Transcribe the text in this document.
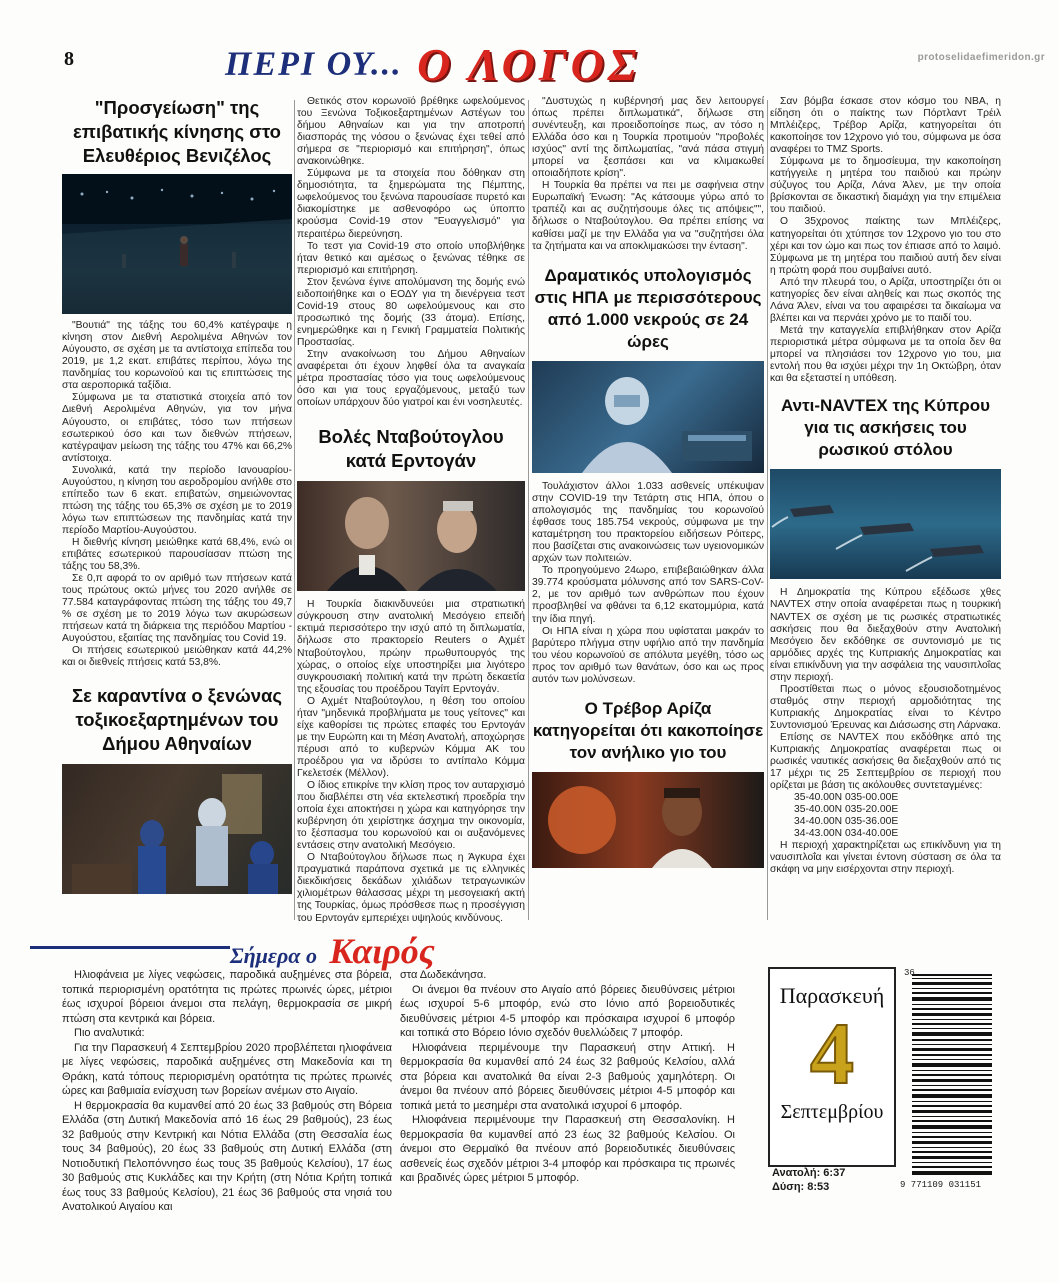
8	ΠΕΡΙ ΟΥ... Ο ΛΟΓΟΣ	protoselidaefimeridon.gr
"Προσγείωση" της επιβατικής κίνησης στο Ελευθέριος Βενιζέλος

"Βουτιά" της τάξης του 60,4% κατέγραψε η κίνηση στον Διεθνή Αερολιμένα Αθηνών τον Αύγουστο, σε σχέση με τα αντίστοιχα επίπεδα του 2019, με 1,2 εκατ. επιβάτες περίπου, λόγω της πανδημίας του κορωνοϊού και τις επιπτώσεις της στα αεροπορικά ταξίδια.

Σύμφωνα με τα στατιστικά στοιχεία από τον Διεθνή Αερολιμένα Αθηνών, για τον μήνα Αύγουστο, οι επιβάτες, τόσο των πτήσεων εσωτερικού όσο και των διεθνών πτήσεων, κατέγραψαν μείωση της τάξης του 47% και 66,2% αντίστοιχα.

Συνολικά, κατά την περίοδο Ιανουαρίου-Αυγούστου, η κίνηση του αεροδρομίου ανήλθε στο επίπεδο των 6 εκατ. επιβατών, σημειώνοντας πτώση της τάξης του 65,3% σε σχέση με το 2019 λόγω των επιπτώσεων της πανδημίας κατά την περίοδο Μαρτίου-Αυγούστου.

Η διεθνής κίνηση μειώθηκε κατά 68,4%, ενώ οι επιβάτες εσωτερικού παρουσίασαν πτώση της τάξης του 58,3%.

Σε 0,π αφορά το ov αριθμό των πτήσεων κατά τους πρώτους οκτώ μήνες του 2020 ανήλθε σε 77.584 καταγράφοντας πτώση της τάξης του 49,7 % σε σχέση με το 2019 λόγω των ακυρώσεων πτήσεων κατά τη διάρκεια της περιόδου Μαρτίου - Αυγούστου, εξαιτίας της πανδημίας του Covid 19.

Οι πτήσεις εσωτερικού μειώθηκαν κατά 44,2% και οι διεθνείς πτήσεις κατά 53,8%.

Σε καραντίνα ο ξενώνας τοξικοεξαρτημένων του Δήμου Αθηναίων

Θετικός στον κορωνοϊό βρέθηκε ωφελούμενος του Ξενώνα Τοξικοεξαρτημένων Αστέγων του δήμου Αθηναίων και για την αποτροπή διασποράς της νόσου ο ξενώνας έχει τεθεί από σήμερα σε "περιορισμό και επιτήρηση", όπως ανακοινώθηκε.

Σύμφωνα με τα στοιχεία που δόθηκαν στη δημοσιότητα, τα ξημερώματα της Πέμπτης, ωφελούμενος του ξενώνα παρουσίασε πυρετό και διακομίστηκε με ασθενοφόρο ως ύποπτο κρούσμα Covid-19 στον "Ευαγγελισμό" για περαιτέρω διερεύνηση.

Το τεστ για Covid-19 στο οποίο υποβλήθηκε ήταν θετικό και αμέσως ο ξενώνας τέθηκε σε περιορισμό και επιτήρηση.

Στον ξενώνα έγινε απολύμανση της δομής ενώ ειδοποιήθηκε και ο ΕΟΔΥ για τη διενέργεια τεστ Covid-19 στους 80 ωφελούμενους και στο προσωπικό της δομής (33 άτομα). Επίσης, ενημερώθηκε και η Γενική Γραμματεία Πολιτικής Προστασίας.

Στην ανακοίνωση του Δήμου Αθηναίων αναφέρεται ότι έχουν ληφθεί όλα τα αναγκαία μέτρα προστασίας τόσο για τους ωφελούμενους όσο και για τους εργαζόμενους, μεταξύ των οποίων υπάρχουν δύο γιατροί και ένι νοσηλευτές.

Βολές Νταβούτογλου κατά Ερντογάν

Η Τουρκία διακινδυνεύει μια στρατιωτική σύγκρουση στην ανατολική Μεσόγειο επειδή εκτιμά περισσότερο την ισχύ από τη διπλωματία, δήλωσε στο πρακτορείο Reuters ο Αχμέτ Νταβούτογλου, πρώην πρωθυπουργός της χώρας, ο οποίος είχε υποστηρίξει μια λιγότερο συγκρουσιακή πολιτική κατά την πρώτη δεκαετία της εξουσίας του προέδρου Ταγίπ Ερντογάν.

Ο Αχμέτ Νταβούτογλου, η θέση του οποίου ήταν "μηδενικά προβλήματα με τους γείτονες" και είχε καθορίσει τις πρώτες επαφές του Ερντογάν με την Ευρώπη και τη Μέση Ανατολή, αποχώρησε πέρυσι από το κυβερνών Κόμμα ΑΚ του προέδρου για να ιδρύσει το αντίπαλο Κόμμα Γκελετσέκ (Μέλλον).

Ο ίδιος επικρίνε την κλίση προς τον αυταρχισμό που διαβλέπει στη νέα εκτελεστική προεδρία την οποία έχει αποκτήσει η χώρα και κατηγόρησε την κυβέρνηση ότι χειρίστηκε άσχημα την οικονομία, το ξέσπασμα του κορωνοϊού και οι αυξανόμενες εντάσεις στην ανατολική Μεσόγειο.

Ο Νταβούτογλου δήλωσε πως η Άγκυρα έχει πραγματικά παράπονα σχετικά με τις ελληνικές διεκδικήσεις δεκάδων χιλιάδων τετραγωνικών χιλιομέτρων θάλασσας μέχρι τη μεσογειακή ακτή της Τουρκίας, όμως πρόσθεσε πως η προσέγγιση του Ερντογάν εμπεριέχει υψηλούς κινδύνους.

"Δυστυχώς η κυβέρνησή μας δεν λειτουργεί όπως πρέπει διπλωματικά", δήλωσε στη συνέντευξη, και προειδοποίησε πως, αν τόσο η Ελλάδα όσο και η Τουρκία προτιμούν "προβολές ισχύος" αντί της διπλωματίας, "ανά πάσα στιγμή μπορεί να ξεσπάσει και να κλιμακωθεί οποιαδήποτε κρίση".

Η Τουρκία θα πρέπει να πει με σαφήνεια στην Ευρωπαϊκή Ένωση: "Ας κάτσουμε γύρω από το τραπέζι και ας συζητήσουμε όλες τις απόψεις"", δήλωσε ο Νταβούτογλου. Θα πρέπει επίσης να καθίσει μαζί με την Ελλάδα για να "συζητήσει όλα τα ζητήματα και να αποκλιμακώσει την ένταση".

Δραματικός υπολογισμός στις ΗΠΑ με περισσότερους από 1.000 νεκρούς σε 24 ώρες

Τουλάχιστον άλλοι 1.033 ασθενείς υπέκυψαν στην COVID-19 την Τετάρτη στις ΗΠΑ, όπου ο απολογισμός της πανδημίας του κορωνοϊού έφθασε τους 185.754 νεκρούς, σύμφωνα με την καταμέτρηση του πρακτορείου ειδήσεων Ρόιτερς, που βασίζεται στις ανακοινώσεις των υγειονομικών αρχών των πολιτειών.

Το προηγούμενο 24ωρο, επιβεβαιώθηκαν άλλα 39.774 κρούσματα μόλυνσης από τον SARS-CoV-2, με τον αριθμό των ανθρώπων που έχουν προσβληθεί να φθάνει τα 6,12 εκατομμύρια, κατά την ίδια πηγή.

Οι ΗΠΑ είναι η χώρα που υφίσταται μακράν το βαρύτερο πλήγμα στην υφήλιο από την πανδημία του νέου κορωνοϊού σε απόλυτα μεγέθη, τόσο ως προς τον αριθμό των θανάτων, όσο και ως προς αυτόν των μολύνσεων.

Ο Τρέβορ Αρίζα κατηγορείται ότι κακοποίησε τον ανήλικο γιο του

Σαν βόμβα έσκασε στον κόσμο του NBA, η είδηση ότι ο παίκτης των Πόρτλαντ Τρέιλ Μπλέιζερς, Τρέβορ Αρίζα, κατηγορείται ότι κακοποίησε τον 12χρονο γιό του, σύμφωνα με όσα αναφέρει το TMZ Sports.

Σύμφωνα με το δημοσίευμα, την κακοποίηση κατήγγειλε η μητέρα του παιδιού και πρώην σύζυγος του Αρίζα, Λάνα Άλεν, με την οποία βρίσκονται σε δικαστική διαμάχη για την επιμέλεια του παιδιού.

Ο 35χρονος παίκτης των Μπλέιζερς, κατηγορείται ότι χτύπησε τον 12χρονο γιο του στο χέρι και τον ώμο και πως τον έπιασε από το λαιμό. Σύμφωνα με τη μητέρα του παιδιού αυτή δεν είναι η πρώτη φορά που συμβαίνει αυτό.

Από την πλευρά του, ο Αρίζα, υποστηρίζει ότι οι κατηγορίες δεν είναι αληθείς και πως σκοπός της Λάνα Άλεν, είναι να του αφαιρέσει τα δικαίωμα να βλέπει και να περνάει χρόνο με το παιδί του.

Μετά την καταγγελία επιβλήθηκαν στον Αρίζα περιοριστικά μέτρα σύμφωνα με τα οποία δεν θα μπορεί να πλησιάσει τον 12χρονο γιο του, μια εντολή που θα ισχύει μέχρι την 1η Οκτώβρη, όταν και θα εξεταστεί η υπόθεση.

Αντι-NAVTEX της Κύπρου για τις ασκήσεις του ρωσικού στόλου

Η Δημοκρατία της Κύπρου εξέδωσε χθες NAVTEX στην οποία αναφέρεται πως η τουρκική NAVTEX σε σχέση με τις ρωσικές στρατιωτικές ασκήσεις που θα διεξαχθούν στην Ανατολική Μεσόγειο δεν εκδόθηκε σε συντονισμό με τις αρμόδιες αρχές της Κυπριακής Δημοκρατίας και είναι επικίνδυνη για την ασφάλεια της ναυσιπλοΐας στην περιοχή.

Προστίθεται πως ο μόνος εξουσιοδοτημένος σταθμός στην περιοχή αρμοδιότητας της Κυπριακής Δημοκρατίας είναι το Κέντρο Συντονισμού Έρευνας και Διάσωσης στη Λάρνακα.

Επίσης σε NAVTEX που εκδόθηκε από της Κυπριακής Δημοκρατίας αναφέρεται πως οι ρωσικές ναυτικές ασκήσεις θα διεξαχθούν από τις 17 μέχρι τις 25 Σεπτεμβρίου σε περιοχή που ορίζεται με βάση τις ακόλουθες συντεταγμένες:

35-40.00N 035-00.00E
35-40.00N 035-20.00E
34-40.00N 035-36.00E
34-43.00N 034-40.00E

Η περιοχή χαρακτηρίζεται ως επικίνδυνη για τη ναυσιπλοΐα και γίνεται έντονη σύσταση σε όλα τα σκάφη να μην εισέρχονται στην περιοχή.

Σήμερα ο Καιρός

Ηλιοφάνεια με λίγες νεφώσεις, παροδικά αυξημένες στα βόρεια, τοπικά περιορισμένη ορατότητα τις πρώτες πρωινές ώρες, μέτριοι έως ισχυροί βόρειοι άνεμοι στα πελάγη, θερμοκρασία σε μικρή πτώση στα κεντρικά και βόρεια.

Πιο αναλυτικά:

Για την Παρασκευή 4 Σεπτεμβρίου 2020 προβλέπεται ηλιοφάνεια με λίγες νεφώσεις, παροδικά αυξημένες στη Μακεδονία και τη Θράκη, κατά τόπους περιορισμένη ορατότητα τις πρώτες πρωινές ώρες και βαθμιαία ενίσχυση των βορείων ανέμων στο Αιγαίο.

Η θερμοκρασία θα κυμανθεί από 20 έως 33 βαθμούς στη Βόρεια Ελλάδα (στη Δυτική Μακεδονία από 16 έως 29 βαθμούς), 23 έως 32 βαθμούς στην Κεντρική και Νότια Ελλάδα (στη Θεσσαλία έως τους 34 βαθμούς), 20 έως 33 βαθμούς στη Δυτική Ελλάδα (στη Νοτιοδυτική Πελοπόννησο έως τους 35 βαθμούς Κελσίου), 17 έως 30 βαθμούς στις Κυκλάδες και την Κρήτη (στη Νότια Κρήτη τοπικά έως τους 33 βαθμούς Κελσίου), 21 έως 36 βαθμούς στα νησιά του Ανατολικού Αιγαίου και

στα Δωδεκάνησα.

Οι άνεμοι θα πνέουν στο Αιγαίο από βόρειες διευθύνσεις μέτριοι έως ισχυροί 5-6 μποφόρ, ενώ στο Ιόνιο από βορειοδυτικές διευθύνσεις μέτριοι 4-5 μποφόρ και πρόσκαιρα ισχυροί 6 μποφόρ και τοπικά στο Βόρειο Ιόνιο σχεδόν θυελλώδεις 7 μποφόρ.

Ηλιοφάνεια περιμένουμε την Παρασκευή στην Αττική. Η θερμοκρασία θα κυμανθεί από 24 έως 32 βαθμούς Κελσίου, αλλά στα βόρεια και ανατολικά θα είναι 2-3 βαθμούς χαμηλότερη. Οι άνεμοι θα πνέουν από βόρειες διευθύνσεις μέτριοι 4-5 μποφόρ και τοπικά μετά το μεσημέρι στα ανατολικά ισχυροί 6 μποφόρ.

Ηλιοφάνεια περιμένουμε την Παρασκευή στη Θεσσαλονίκη. Η θερμοκρασία θα κυμανθεί από 23 έως 32 βαθμούς Κελσίου. Οι άνεμοι στο Θερμαϊκό θα πνέουν από βορειοδυτικές διευθύνσεις ασθενείς έως σχεδόν μέτριοι 3-4 μποφόρ και πρόσκαιρα τις πρωινές και βραδινές ώρες μέτριοι 5 μποφόρ.

Παρασκευή
4
Σεπτεμβρίου
Ανατολή: 6:37
Δύση: 8:53	9 771109 031151
36
